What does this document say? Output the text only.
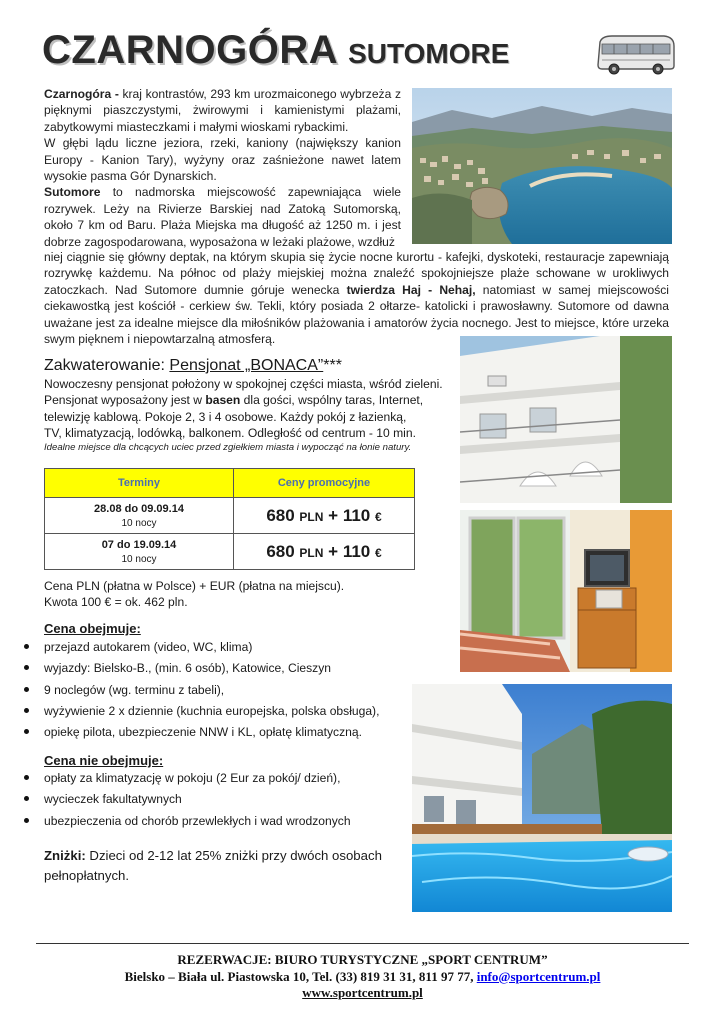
CZARNOGÓRA SUTOMORE

Czarnogóra - kraj kontrastów, 293 km urozmaiconego wybrzeża z pięknymi piaszczystymi, żwirowymi i kamienistymi plażami, zabytkowymi miasteczkami i małymi wioskami rybackimi.

W głębi lądu liczne jeziora, rzeki, kaniony (największy kanion Europy - Kanion Tary), wyżyny oraz zaśnieżone nawet latem wysokie pasma Gór Dynarskich.

Sutomore to nadmorska miejscowość zapewniająca wiele rozrywek. Leży na Rivierze Barskiej nad Zatoką Sutomorską, około 7 km od Baru. Plaża Miejska ma długość aż 1250 m. i jest dobrze zagospodarowana, wyposażona w leżaki plażowe, wzdłuż

niej ciągnie się główny deptak, na którym skupia się życie nocne kurortu - kafejki, dyskoteki, restauracje zapewniają rozrywkę każdemu. Na północ od plaży miejskiej można znaleźć spokojniejsze plaże schowane w urokliwych zatoczkach. Nad Sutomore dumnie góruje wenecka twierdza Haj - Nehaj, natomiast w samej miejscowości ciekawostką jest kościół - cerkiew św. Tekli, który posiada 2 ołtarze- katolicki i prawosławny. Sutomore od dawna uważane jest za idealne miejsce dla miłośników plażowania i amatorów życia nocnego. Jest to miejsce, które urzeka swym pięknem i niepowtarzalną atmosferą.

Zakwaterowanie: Pensjonat „BONACA”***

Nowoczesny pensjonat położony w spokojnej części miasta, wśród zieleni.

Pensjonat wyposażony jest w basen dla gości, wspólny taras, Internet,

telewizję kablową. Pokoje 2, 3 i 4 osobowe. Każdy pokój z łazienką,

TV, klimatyzacją, lodówką, balkonem. Odległość od centrum - 10 min.

Idealne miejsce dla chcących uciec przed zgiełkiem miasta i wypocząć na łonie natury.
Terminy	Ceny promocyjne

28.08 do 09.09.14
10 nocy	680 PLN + 110 €

07 do 19.09.14
10 nocy	680 PLN + 110 €

Cena PLN (płatna w Polsce) + EUR (płatna na miejscu).

Kwota 100 € = ok. 462 pln.

Cena obejmuje:
przejazd autokarem (video, WC, klima)
wyjazdy: Bielsko-B., (min. 6 osób), Katowice, Cieszyn
9 noclegów (wg. terminu z tabeli),
wyżywienie 2 x dziennie (kuchnia europejska, polska obsługa),
opiekę pilota, ubezpieczenie NNW i KL, opłatę klimatyczną.
Cena nie obejmuje:
opłaty za klimatyzację w pokoju (2 Eur za pokój/ dzień),
wycieczek fakultatywnych
ubezpieczenia od chorób przewlekłych i wad wrodzonych
Zniżki: Dzieci od 2-12 lat 25% zniżki przy dwóch osobach pełnopłatnych.

REZERWACJE: BIURO TURYSTYCZNE „SPORT CENTRUM”

Bielsko – Biała ul. Piastowska 10, Tel. (33) 819 31 31, 811 97 77, info@sportcentrum.pl

www.sportcentrum.pl
